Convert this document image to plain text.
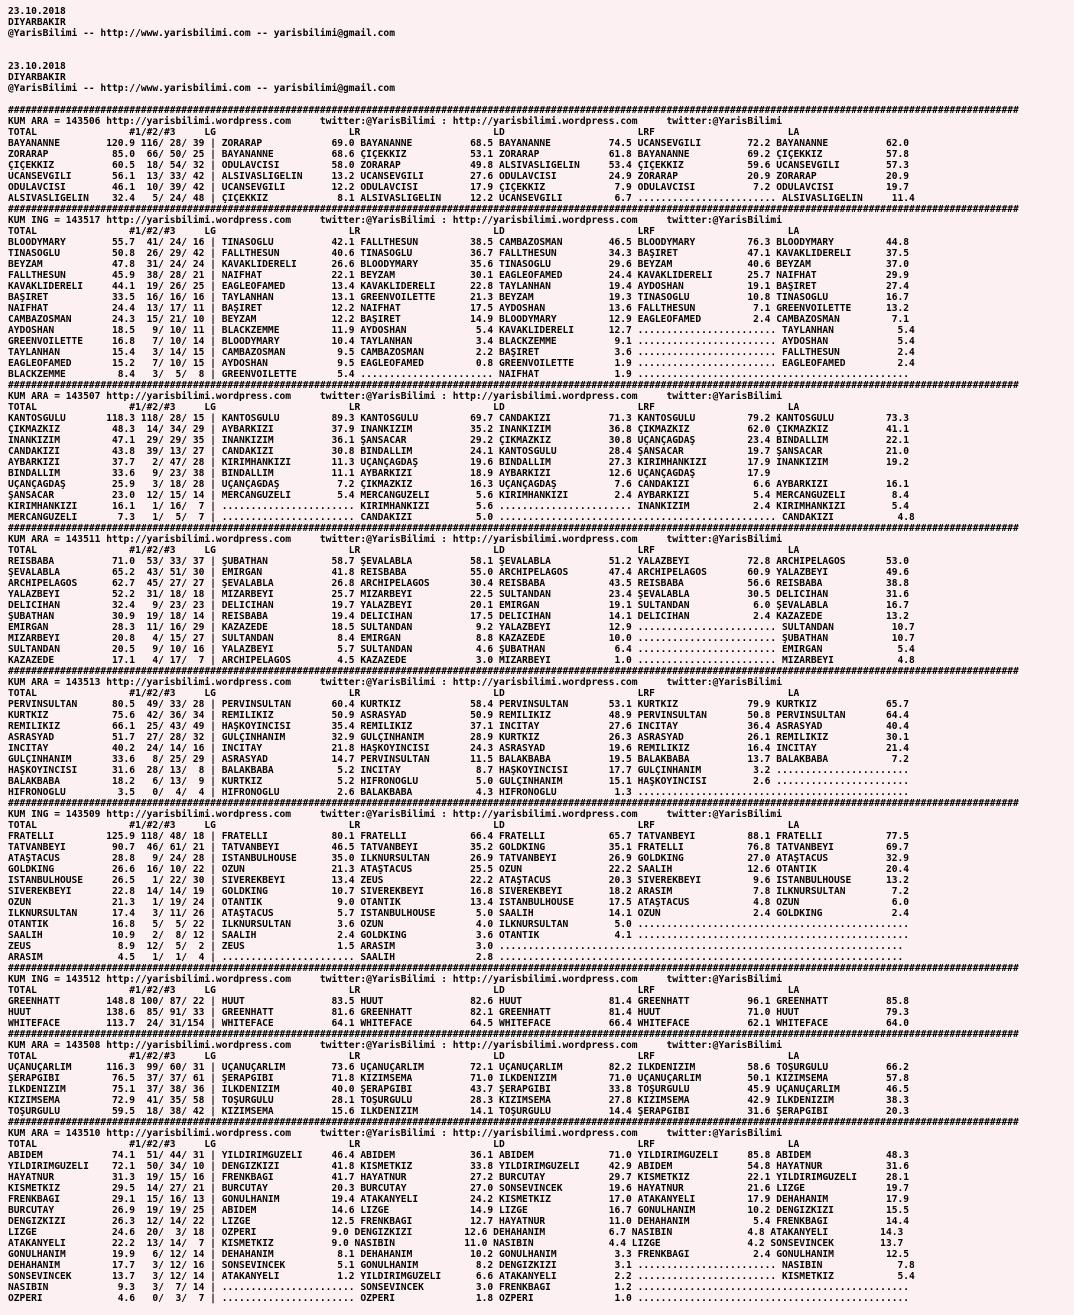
23.10.2018
DIYARBAKIR
@YarisBilimi -- http://www.yarisbilimi.com -- yarisbilimi@gmail.com
23.10.2018
DIYARBAKIR
@YarisBilimi -- http://www.yarisbilimi.com -- yarisbilimi@gmail.com
###############################################################################################################################################################################
KUM ARA = 143506 http://yarisbilimi.wordpress.com     twitter:@YarisBilimi : http://yarisbilimi.wordpress.com     twitter:@YarisBilimi
TOTAL                #1/#2/#3     LG                       LR                       LD                       LRF                       LA
BAYANANNE        120.9 116/ 28/ 39 | ZORARAP            69.0 BAYANANNE          68.5 BAYANANNE          74.5 UCANSEVGİLİ        72.2 BAYANANNE          62.0
ZORARAP           85.0  66/ 50/ 25 | BAYANANNE          68.6 ÇİÇEKKIZ           53.1 ZORARAP            61.8 BAYANANNE          69.2 ÇİÇEKKIZ           57.8
ÇİÇEKKIZ          60.5  18/ 54/ 32 | ODULAVCISI         58.0 ZORARAP            49.8 ALSIVASLIGELİN     53.4 ÇİÇEKKIZ           59.6 UCANSEVGİLİ        57.3
UCANSEVGİLİ       56.1  13/ 33/ 42 | ALSIVASLIGELİN     13.2 UCANSEVGİLİ        27.6 ODULAVCISI         24.9 ZORARAP            20.9 ZORARAP            20.9
ODULAVCISI        46.1  10/ 39/ 42 | UCANSEVGİLİ        12.2 ODULAVCISI         17.9 ÇİÇEKKIZ            7.9 ODULAVCISI          7.2 ODULAVCISI         19.7
ALSIVASLIGELİN    32.4   5/ 24/ 48 | ÇİÇEKKIZ            8.1 ALSIVASLIGELİN     12.2 UCANSEVGİLİ         6.7 ........................ ALSIVASLIGELİN     11.4
###############################################################################################################################################################################
KUM ING = 143517 http://yarisbilimi.wordpress.com     twitter:@YarisBilimi : http://yarisbilimi.wordpress.com     twitter:@YarisBilimi
TOTAL                #1/#2/#3     LG                       LR                       LD                       LRF                       LA
BLOODYMARY        55.7  41/ 24/ 16 | TINASOGLU          42.1 FALLTHESUN         38.5 CAMBAZOSMAN        46.5 BLOODYMARY         76.3 BLOODYMARY         44.8
TINASOGLU         50.8  26/ 29/ 42 | FALLTHESUN         40.6 TINASOGLU          36.7 FALLTHESUN         34.3 BAŞIRET            47.1 KAVAKLIDERELİ      37.5
BEYZAM            47.8  31/ 24/ 24 | KAVAKLIDERELİ      26.6 BLOODYMARY         35.6 TINASOGLU          29.6 BEYZAM             40.6 BEYZAM             37.0
FALLTHESUN        45.9  38/ 28/ 21 | NAIFHAT            22.1 BEYZAM             30.1 EAGLEOFAMED        24.4 KAVAKLIDERELİ      25.7 NAIFHAT            29.9
KAVAKLIDERELİ     44.1  19/ 26/ 25 | EAGLEOFAMED        13.4 KAVAKLIDERELİ      22.8 TAYLANHAN          19.4 AYDOSHAN           19.1 BAŞIRET            27.4
BAŞIRET           33.5  16/ 16/ 16 | TAYLANHAN          13.1 GREENVOILETTE      21.3 BEYZAM             19.3 TINASOGLU          10.8 TINASOGLU          16.7
NAIFHAT           24.4  13/ 17/ 11 | BAŞIRET            12.2 NAIFHAT            17.5 AYDOSHAN           13.6 FALLTHESUN          7.1 GREENVOILETTE      13.2
CAMBAZOSMAN       24.3  15/ 21/ 10 | BEYZAM             12.2 BAŞIRET            14.9 BLOODYMARY         12.9 EAGLEOFAMED         2.4 CAMBAZOSMAN         7.1
AYDOSHAN          18.5   9/ 10/ 11 | BLACKZEMME         11.9 AYDOSHAN            5.4 KAVAKLIDERELİ      12.7 ........................ TAYLANHAN           5.4
GREENVOILETTE     16.8   7/ 10/ 14 | BLOODYMARY         10.4 TAYLANHAN           3.4 BLACKZEMME          9.1 ........................ AYDOSHAN            5.4
TAYLANHAN         15.4   3/ 14/ 15 | CAMBAZOSMAN         9.5 CAMBAZOSMAN         2.2 BAŞIRET             3.6 ........................ FALLTHESUN          2.4
EAGLEOFAMED       15.2   7/ 10/ 15 | AYDOSHAN            9.5 EAGLEOFAMED         0.8 GREENVOILETTE       1.9 ........................ EAGLEOFAMED         2.4
BLACKZEMME         8.4   3/  5/  8 | GREENVOILETTE       5.4 ....................... NAIFHAT             1.9 ...............................................
###############################################################################################################################################################################
KUM ARA = 143507 http://yarisbilimi.wordpress.com     twitter:@YarisBilimi : http://yarisbilimi.wordpress.com     twitter:@YarisBilimi
TOTAL                #1/#2/#3     LG                       LR                       LD                       LRF                       LA
KANTOSGÜLÜ       118.3 118/ 28/ 15 | KANTOSGÜLÜ         89.3 KANTOSGÜLÜ         69.7 CANDAKIZI          71.3 KANTOSGÜLÜ         79.2 KANTOSGÜLÜ         73.3
ÇIKMAZKIZ         48.3  14/ 34/ 29 | AYBARKIZI          37.9 İNANKIZIM          35.2 İNANKIZIM          36.8 ÇIKMAZKIZ          62.0 ÇIKMAZKIZ          41.1
İNANKIZIM         47.1  29/ 29/ 35 | İNANKIZIM          36.1 ŞANSACAR           29.2 ÇIKMAZKIZ          30.8 UÇANÇAGDAŞ         23.4 BINDALLIM          22.1
CANDAKIZI         43.8  39/ 13/ 27 | CANDAKIZI          30.8 BINDALLIM          24.1 KANTOSGÜLÜ         28.4 ŞANSACAR           19.7 ŞANSACAR           21.0
AYBARKIZI         37.7   2/ 47/ 28 | KIRIMHANKIZI       11.3 UÇANÇAGDAŞ         19.6 BINDALLIM          27.3 KIRIMHANKIZI       17.9 İNANKIZIM          19.2
BINDALLIM         33.6   9/ 23/ 38 | BINDALLIM          11.1 AYBARKIZI          18.9 AYBARKIZI          12.6 UÇANÇAGDAŞ         17.9
UÇANÇAGDAŞ        25.9   3/ 18/ 28 | UÇANÇAGDAŞ          7.2 ÇIKMAZKIZ          16.3 UÇANÇAGDAŞ          7.6 CANDAKIZI           6.6 AYBARKIZI          16.1
ŞANSACAR          23.0  12/ 15/ 14 | MERCANGÜZELİ        5.4 MERCANGÜZELİ        5.6 KIRIMHANKIZI        2.4 AYBARKIZI           5.4 MERCANGÜZELİ        8.4
KIRIMHANKIZI      16.1   1/ 16/  7 | ....................... KIRIMHANKIZI        5.6 ....................... İNANKIZIM           2.4 KIRIMHANKIZI        5.4
MERCANGÜZELİ       7.3   1/  5/  7 | ....................... CANDAKIZI           5.0 ................................................ CANDAKIZI           4.8
###############################################################################################################################################################################
KUM ARA = 143511 http://yarisbilimi.wordpress.com     twitter:@YarisBilimi : http://yarisbilimi.wordpress.com     twitter:@YarisBilimi
TOTAL                #1/#2/#3     LG                       LR                       LD                       LRF                       LA
REİSBABA          71.0  53/ 33/ 37 | ŞUBATHAN           58.7 ŞEVALABLA          58.1 ŞEVALABLA          51.2 YALAZBEYİ          72.8 ARCHİPELAGOS       53.0
ŞEVALABLA         65.2  43/ 51/ 30 | EMİRGAN            41.8 REİSBABA           55.0 ARCHİPELAGOS       47.4 ARCHİPELAGOS       60.9 YALAZBEYİ          49.6
ARCHİPELAGOS      62.7  45/ 27/ 27 | ŞEVALABLA          26.8 ARCHİPELAGOS       30.4 REİSBABA           43.5 REİSBABA           56.6 REİSBABA           38.8
YALAZBEYİ         52.2  31/ 18/ 18 | MİZARBEYİ          25.7 MİZARBEYİ          22.5 SULTANDAN          23.4 ŞEVALABLA          30.5 DELİCİHAN          31.6
DELİCİHAN         32.4   9/ 23/ 23 | DELİCİHAN          19.7 YALAZBEYİ          20.1 EMİRGAN            19.1 SULTANDAN           6.0 ŞEVALABLA          16.7
ŞUBATHAN          30.9  19/ 18/ 14 | REİSBABA           19.4 DELİCİHAN          17.5 DELİCİHAN          14.1 DELİCİHAN           2.4 KAZAZEDE           13.2
EMİRGAN           28.3  11/ 16/ 29 | KAZAZEDE           18.5 SULTANDAN           9.2 YALAZBEYİ          12.9 ........................ SULTANDAN          10.7
MİZARBEYİ         20.8   4/ 15/ 27 | SULTANDAN           8.4 EMİRGAN             8.8 KAZAZEDE           10.0 ........................ ŞUBATHAN           10.7
SULTANDAN         20.5   9/ 10/ 16 | YALAZBEYİ           5.7 SULTANDAN           4.6 ŞUBATHAN            6.4 ........................ EMİRGAN             5.4
KAZAZEDE          17.1   4/ 17/  7 | ARCHİPELAGOS        4.5 KAZAZEDE            3.0 MİZARBEYİ           1.0 ........................ MİZARBEYİ           4.8
###############################################################################################################################################################################
KUM ARA = 143513 http://yarisbilimi.wordpress.com     twitter:@YarisBilimi : http://yarisbilimi.wordpress.com     twitter:@YarisBilimi
TOTAL                #1/#2/#3     LG                       LR                       LD                       LRF                       LA
PERVİNSULTAN      80.5  49/ 33/ 28 | PERVİNSULTAN       60.4 KURTKIZ            58.4 PERVİNSULTAN       53.1 KURTKIZ            79.9 KURTKIZ            65.7
KURTKIZ           75.6  42/ 36/ 34 | REMİLİKIZ          50.9 ASRASYAD           50.9 REMİLİKIZ          48.9 PERVİNSULTAN       50.8 PERVİNSULTAN       64.4
REMİLİKIZ         66.1  25/ 43/ 49 | HAŞKOYİNCİSİ       35.4 REMİLİKIZ          37.1 İNCİTAY            27.6 İNCİTAY            36.4 ASRASYAD           40.4
ASRASYAD          51.7  27/ 28/ 32 | GÜLÇİNHANIM        32.9 GÜLÇİNHANIM        28.9 KURTKIZ            26.3 ASRASYAD           26.1 REMİLİKIZ          30.1
İNCİTAY           40.2  24/ 14/ 16 | İNCİTAY            21.8 HAŞKOYİNCİSİ       24.3 ASRASYAD           19.6 REMİLİKIZ          16.4 İNCİTAY            21.4
GÜLÇİNHANIM       33.6   8/ 25/ 29 | ASRASYAD           14.7 PERVİNSULTAN       11.5 BALAKBABA          19.5 BALAKBABA          13.7 BALAKBABA           7.2
HAŞKOYİNCİSİ      31.6  28/ 13/  8 | BALAKBABA           5.2 İNCİTAY             8.7 HAŞKOYİNCİSİ       17.7 GÜLÇİNHANIM         3.2 .......................
BALAKBABA         18.2   6/ 13/  9 | KURTKIZ             5.2 HİFRONOGLU          5.0 GÜLÇİNHANIM        15.1 HAŞKOYİNCİSİ        2.6 .......................
HİFRONOGLU         3.5   0/  4/  4 | HİFRONOGLU          2.6 BALAKBABA           4.3 HİFRONOGLU          1.3 ...............................................
###############################################################################################################################################################################
KUM ING = 143509 http://yarisbilimi.wordpress.com     twitter:@YarisBilimi : http://yarisbilimi.wordpress.com     twitter:@YarisBilimi
TOTAL                #1/#2/#3     LG                       LR                       LD                       LRF                       LA
FRATELLI         125.9 118/ 48/ 18 | FRATELLI           80.1 FRATELLI           66.4 FRATELLI           65.7 TATVANBEYİ         88.1 FRATELLI           77.5
TATVANBEYİ        90.7  46/ 61/ 21 | TATVANBEYİ         46.5 TATVANBEYİ         35.2 GOLDKING           35.1 FRATELLI           76.8 TATVANBEYİ         69.7
ATAŞTACUS         28.8   9/ 24/ 28 | İSTANBULHOUSE      35.0 İLKNURSULTAN       26.9 TATVANBEYİ         26.9 GOLDKING           27.0 ATAŞTACUS          32.9
GOLDKING          26.6  16/ 10/ 22 | ÖZÜN               21.3 ATAŞTACUS          25.5 ÖZÜN               22.2 SAALIH             12.6 OTANTİK            20.4
İSTANBULHOUSE     26.5   1/ 22/ 30 | SİVEREKBEYİ        13.4 ZEUS               22.2 ATAŞTACUS          20.3 SİVEREKBEYİ         9.6 İSTANBULHOUSE      13.2
SİVEREKBEYİ       22.8  14/ 14/ 19 | GOLDKING           10.7 SİVEREKBEYİ        16.8 SİVEREKBEYİ        18.2 ARASIM              7.8 İLKNURSULTAN        7.2
ÖZÜN              21.3   1/ 19/ 24 | OTANTİK             9.0 OTANTİK            13.4 İSTANBULHOUSE      17.5 ATAŞTACUS           4.8 ÖZÜN                6.0
İLKNURSULTAN      17.4   3/ 11/ 26 | ATAŞTACUS           5.7 İSTANBULHOUSE       5.0 SAALIH             14.1 ÖZÜN                2.4 GOLDKING            2.4
OTANTİK           16.8   5/  5/ 22 | İLKNURSULTAN        3.6 ÖZÜN                4.0 İLKNURSULTAN        5.0 ...............................................
SAALIH            10.9   2/  8/ 12 | SAALIH              2.4 GOLDKING            3.6 OTANTİK             4.1 ...............................................
ZEUS               8.9  12/  5/  2 | ZEUS                1.5 ARASIM              3.0 ......................................................................
ARASIM             4.5   1/  1/  4 | ....................... SAALIH              2.8 ......................................................................
###############################################################################################################################################################################
KUM ING = 143512 http://yarisbilimi.wordpress.com     twitter:@YarisBilimi : http://yarisbilimi.wordpress.com     twitter:@YarisBilimi
TOTAL                #1/#2/#3     LG                       LR                       LD                       LRF                       LA
GREENHATT        148.8 100/ 87/ 22 | HUUT               83.5 HUUT               82.6 HUUT               81.4 GREENHATT          96.1 GREENHATT          85.8
HUUT             138.6  85/ 91/ 33 | GREENHATT          81.6 GREENHATT          82.1 GREENHATT          81.4 HUUT               71.0 HUUT               79.3
WHITEFACE        113.7  24/ 31/154 | WHITEFACE          64.1 WHITEFACE          64.5 WHITEFACE          66.4 WHITEFACE          62.1 WHITEFACE          64.0
###############################################################################################################################################################################
KUM ARA = 143508 http://yarisbilimi.wordpress.com     twitter:@YarisBilimi : http://yarisbilimi.wordpress.com     twitter:@YarisBilimi
TOTAL                #1/#2/#3     LG                       LR                       LD                       LRF                       LA
UÇANUÇARLIM      116.3  99/ 60/ 31 | UÇANUÇARLIM        73.6 UÇANUÇARLIM        72.1 UÇANUÇARLIM        82.2 İLKDENİZİM         58.6 TOŞURGÜLÜ          66.2
ŞERAPGİBİ         76.5  37/ 37/ 61 | ŞERAPGİBİ          71.8 KIZIMSEMA          71.0 İLKDENİZİM         71.0 UÇANUÇARLIM        50.1 KIZIMSEMA          57.8
İLKDENİZİM        75.1  37/ 38/ 36 | İLKDENİZİM         40.0 ŞERAPGİBİ          43.7 ŞERAPGİBİ          33.8 TOŞURGÜLÜ          45.9 UÇANUÇARLIM        46.5
KIZIMSEMA         72.9  41/ 35/ 58 | TOŞURGÜLÜ          28.1 TOŞURGÜLÜ          28.3 KIZIMSEMA          27.8 KIZIMSEMA          42.9 İLKDENİZİM         38.3
TOŞURGÜLÜ         59.5  18/ 38/ 42 | KIZIMSEMA          15.6 İLKDENİZİM         14.1 TOŞURGÜLÜ          14.4 ŞERAPGİBİ          31.6 ŞERAPGİBİ          20.3
###############################################################################################################################################################################
KUM ARA = 143510 http://yarisbilimi.wordpress.com     twitter:@YarisBilimi : http://yarisbilimi.wordpress.com     twitter:@YarisBilimi
TOTAL                #1/#2/#3     LG                       LR                       LD                       LRF                       LA
ABİDEM            74.1  51/ 44/ 31 | YILDIRIMGÜZELİ     46.4 ABİDEM             36.1 ABİDEM             71.0 YILDIRIMGÜZELİ     85.8 ABİDEM             48.3
YILDIRIMGÜZELİ    72.1  50/ 34/ 10 | DENGİZKIZI         41.8 KISMETKIZ          33.8 YILDIRIMGÜZELİ     42.9 ABİDEM             54.8 HAYATNUR           31.6
HAYATNUR          31.3  19/ 15/ 16 | FRENKBAGI          41.7 HAYATNUR           27.2 BURCUTAY           29.7 KISMETKIZ          22.1 YILDIRIMGÜZELİ     28.1
KISMETKIZ         29.5  14/ 27/ 21 | BURCUTAY           20.3 BURCUTAY           27.0 SONSEVİNCEK        19.6 HAYATNUR           21.6 LİZGE              19.7
FRENKBAGI         29.1  15/ 16/ 13 | GONULHANIM         19.4 ATAKANYELİ         24.2 KISMETKIZ          17.0 ATAKANYELİ         17.9 DEHAHANIM          17.9
BURCUTAY          26.9  19/ 19/ 25 | ABİDEM             14.6 LİZGE              14.9 LİZGE              16.7 GONULHANIM         10.2 DENGİZKIZI         15.5
DENGİZKIZI        26.3  12/ 14/ 22 | LİZGE              12.5 FRENKBAGI          12.7 HAYATNUR           11.0 DEHAHANIM           5.4 FRENKBAGI          14.4
LİZGE             24.6  20/  3/ 18 | ÖZPERİ             9.0 DENGİZKIZI         12.6 DEHAHANIM           6.7 NASIBIN             4.8 ATAKANYELİ         14.3
ATAKANYELİ        22.2  13/ 14/  7 | KISMETKIZ          9.0 NASIBIN            11.0 NASIBIN             4.4 LİZGE               4.2 SONSEVİNCEK        13.7
GONULHANIM        19.9   6/ 12/ 14 | DEHAHANIM           8.1 DEHAHANIM          10.2 GONULHANIM          3.3 FRENKBAGI           2.4 GONULHANIM         12.5
DEHAHANIM         17.7   3/ 12/ 16 | SONSEVİNCEK         5.1 GONULHANIM          8.2 DENGİZKIZI          3.1 ........................ NASIBIN             7.8
SONSEVİNCEK       13.7   3/ 12/ 14 | ATAKANYELİ          1.2 YILDIRIMGÜZELİ      6.6 ATAKANYELİ          2.2 ........................ KISMETKIZ           5.4
NASIBIN            9.3   3/  7/ 14 | ....................... SONSEVİNCEK         3.0 FRENKBAGI           1.2 ...............................................
ÖZPERİ             4.6   0/  3/  7 | ....................... ÖZPERİ              1.8 ÖZPERİ              1.0 ...............................................
